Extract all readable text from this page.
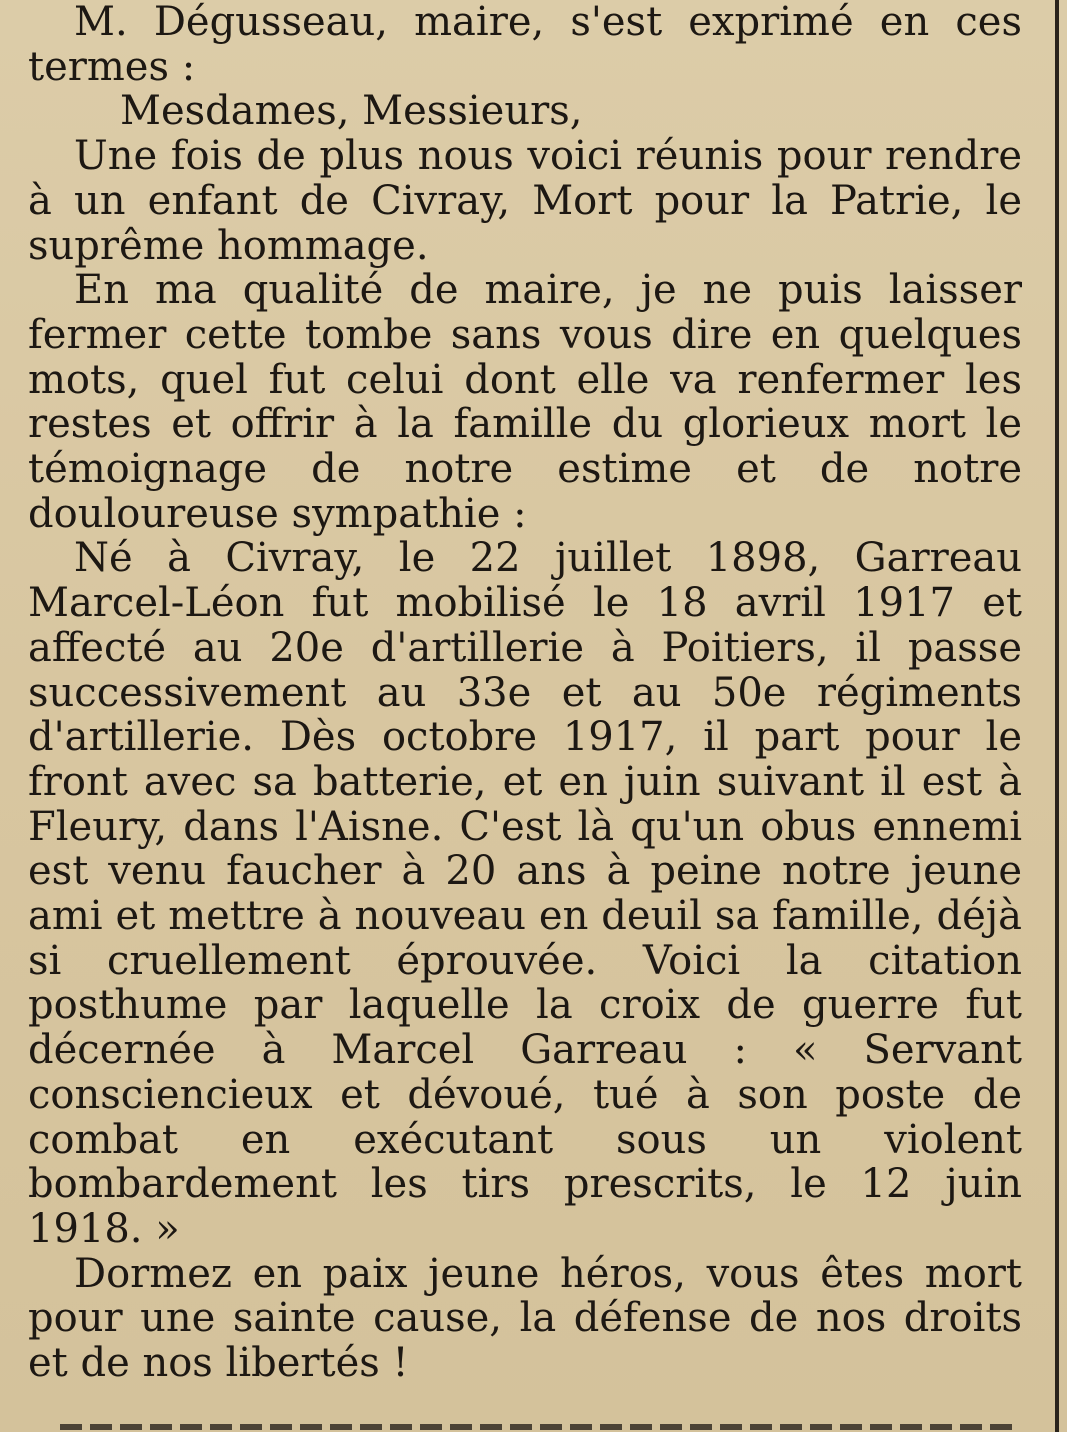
M. Dégusseau, maire, s'est exprimé en ces termes :

Mesdames, Messieurs,

Une fois de plus nous voici réunis pour rendre à un enfant de Civray, Mort pour la Patrie, le suprême hommage.

En ma qualité de maire, je ne puis laisser fermer cette tombe sans vous dire en quelques mots, quel fut celui dont elle va renfermer les restes et offrir à la famille du glorieux mort le témoignage de notre estime et de notre douloureuse sympathie :

Né à Civray, le 22 juillet 1898, Garreau Marcel-Léon fut mobilisé le 18 avril 1917 et affecté au 20e d'artillerie à Poitiers, il passe successivement au 33e et au 50e régiments d'artillerie. Dès octobre 1917, il part pour le front avec sa batterie, et en juin suivant il est à Fleury, dans l'Aisne. C'est là qu'un obus ennemi est venu faucher à 20 ans à peine notre jeune ami et mettre à nouveau en deuil sa famille, déjà si cruellement éprouvée. Voici la citation posthume par laquelle la croix de guerre fut décernée à Marcel Garreau : « Servant consciencieux et dévoué, tué à son poste de combat en exécutant sous un violent bombardement les tirs prescrits, le 12 juin 1918. »

Dormez en paix jeune héros, vous êtes mort pour une sainte cause, la défense de nos droits et de nos libertés !
